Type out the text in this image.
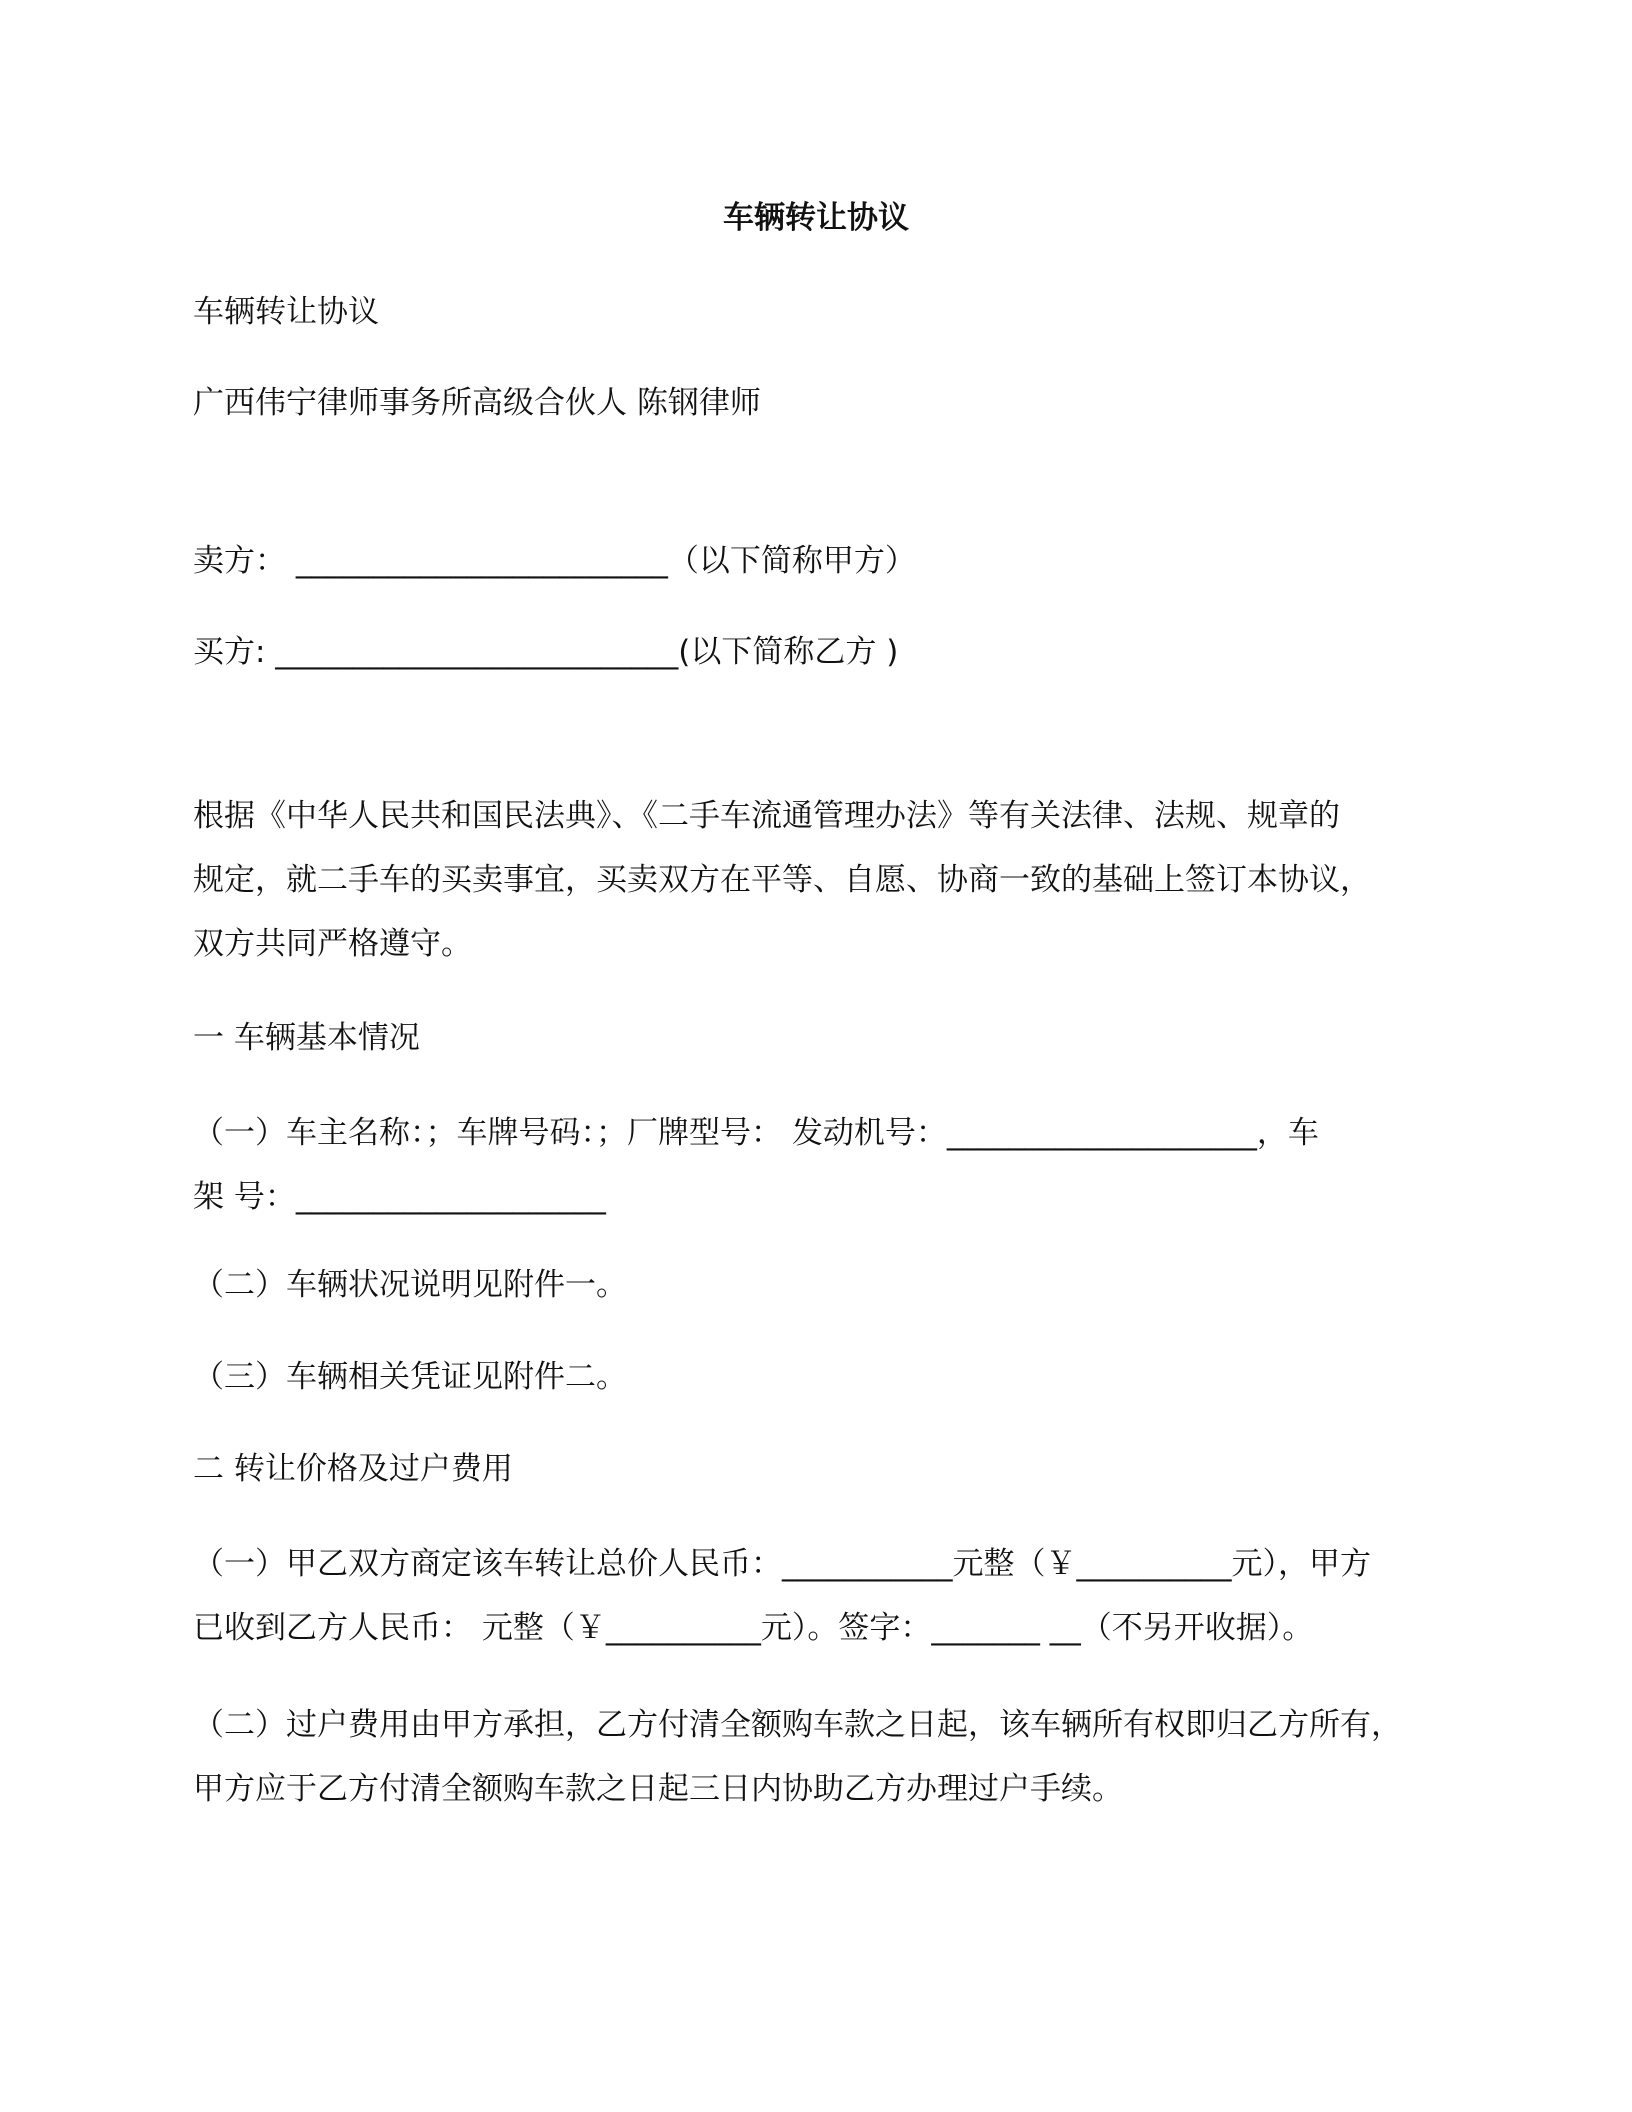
车辆转让协议
车辆转让协议
广西伟宁律师事务所高级合伙人 陈钢律师
卖方： ________________________（以下简称甲方）
买方: __________________________(以下简称乙方 )
根据《中华人民共和国民法典》、《二手车流通管理办法》等有关法律、法规、规章的
规定，就二手车的买卖事宜，买卖双方在平等、自愿、协商一致的基础上签订本协议，
双方共同严格遵守。
一 车辆基本情况
（一）车主名称：；车牌号码：；厂牌型号： 发动机号：____________________，车
架 号：____________________
（二）车辆状况说明见附件一。
（三）车辆相关凭证见附件二。
二 转让价格及过户费用
（一）甲乙双方商定该车转让总价人民币：___________元整（￥__________元），甲方
已收到乙方人民币： 元整（￥__________元）。签字：_______ __（不另开收据）。
（二）过户费用由甲方承担，乙方付清全额购车款之日起，该车辆所有权即归乙方所有，
甲方应于乙方付清全额购车款之日起三日内协助乙方办理过户手续。
